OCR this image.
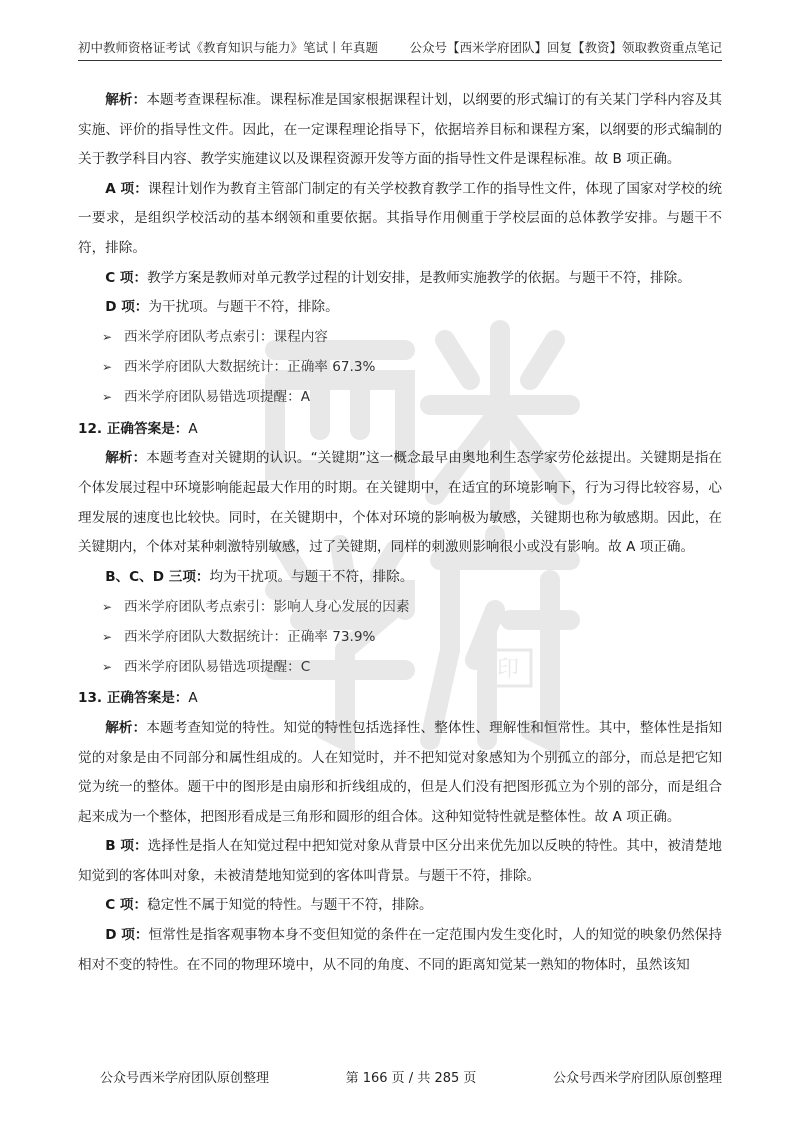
初中教师资格证考试《教育知识与能力》笔试丨年真题	公众号【西米学府团队】回复【教资】领取教资重点笔记
印

解析：本题考查课程标准。课程标准是国家根据课程计划，以纲要的形式编订的有关某门学科内容及其实施、评价的指导性文件。因此，在一定课程理论指导下，依据培养目标和课程方案，以纲要的形式编制的关于教学科目内容、教学实施建议以及课程资源开发等方面的指导性文件是课程标准。故 B 项正确。

A 项：课程计划作为教育主管部门制定的有关学校教育教学工作的指导性文件，体现了国家对学校的统一要求，是组织学校活动的基本纲领和重要依据。其指导作用侧重于学校层面的总体教学安排。与题干不符，排除。

C 项：教学方案是教师对单元教学过程的计划安排，是教师实施教学的依据。与题干不符，排除。

D 项：为干扰项。与题干不符，排除。

➢ 西米学府团队考点索引：课程内容
➢ 西米学府团队大数据统计：正确率 67.3%
➢ 西米学府团队易错选项提醒：A
12. 正确答案是：A

解析：本题考查对关键期的认识。“关键期”这一概念最早由奥地利生态学家劳伦兹提出。关键期是指在个体发展过程中环境影响能起最大作用的时期。在关键期中，在适宜的环境影响下，行为习得比较容易，心理发展的速度也比较快。同时，在关键期中，个体对环境的影响极为敏感，关键期也称为敏感期。因此，在关键期内，个体对某种刺激特别敏感，过了关键期，同样的刺激则影响很小或没有影响。故 A 项正确。

B、C、D 三项：均为干扰项。与题干不符，排除。

➢ 西米学府团队考点索引：影响人身心发展的因素
➢ 西米学府团队大数据统计：正确率 73.9%
➢ 西米学府团队易错选项提醒：C
13. 正确答案是：A

解析：本题考查知觉的特性。知觉的特性包括选择性、整体性、理解性和恒常性。其中，整体性是指知觉的对象是由不同部分和属性组成的。人在知觉时，并不把知觉对象感知为个别孤立的部分，而总是把它知觉为统一的整体。题干中的图形是由扇形和折线组成的，但是人们没有把图形孤立为个别的部分，而是组合起来成为一个整体，把图形看成是三角形和圆形的组合体。这种知觉特性就是整体性。故 A 项正确。

B 项：选择性是指人在知觉过程中把知觉对象从背景中区分出来优先加以反映的特性。其中，被清楚地知觉到的客体叫对象，未被清楚地知觉到的客体叫背景。与题干不符，排除。

C 项：稳定性不属于知觉的特性。与题干不符，排除。

D 项：恒常性是指客观事物本身不变但知觉的条件在一定范围内发生变化时，人的知觉的映象仍然保持相对不变的特性。在不同的物理环境中，从不同的角度、不同的距离知觉某一熟知的物体时，虽然该知

公众号西米学府团队原创整理	第 166 页 / 共 285 页	公众号西米学府团队原创整理
